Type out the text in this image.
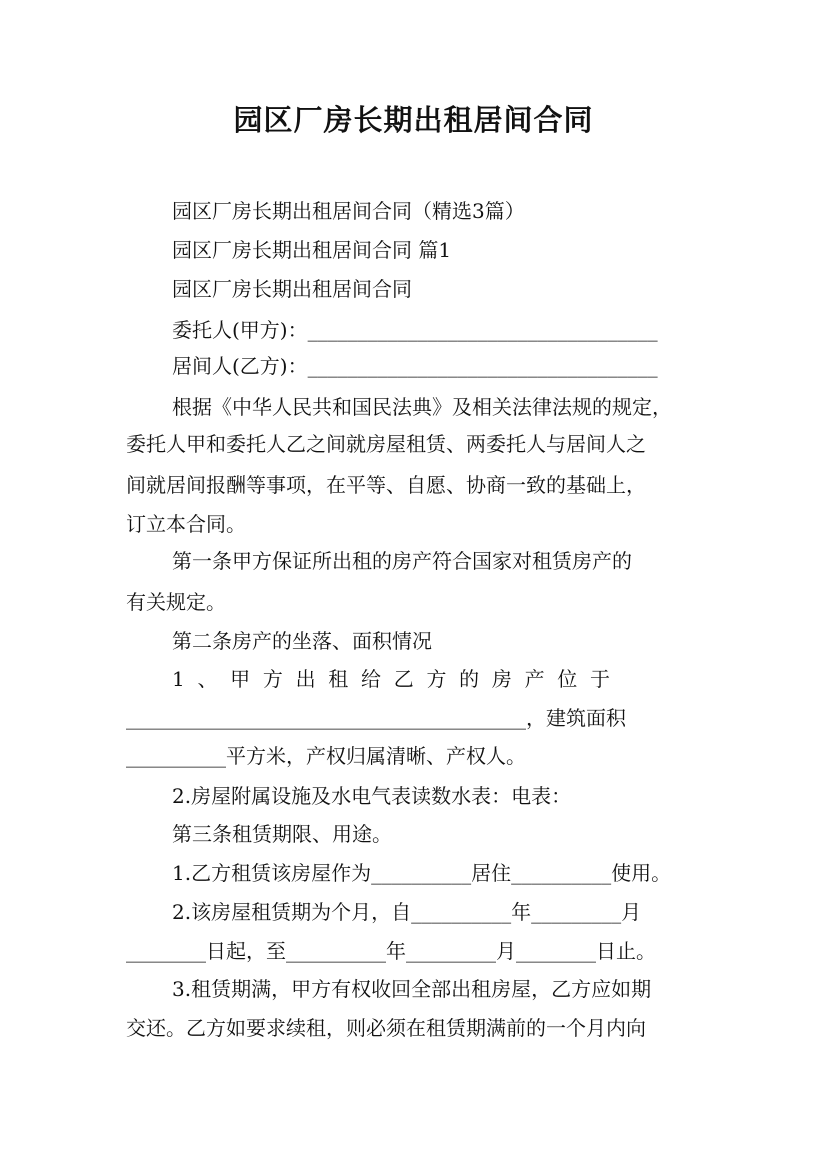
园区厂房长期出租居间合同
园区厂房长期出租居间合同（精选3篇）
园区厂房长期出租居间合同 篇1
园区厂房长期出租居间合同
委托人(甲方)：___________________________________
居间人(乙方)：___________________________________
根据《中华人民共和国民法典》及相关法律法规的规定，
委托人甲和委托人乙之间就房屋租赁、两委托人与居间人之
间就居间报酬等事项，在平等、自愿、协商一致的基础上，
订立本合同。
第一条甲方保证所出租的房产符合国家对租赁房产的
有关规定。
第二条房产的坐落、面积情况
1  、  甲  方  出  租  给  乙  方  的  房  产  位  于
________________________________________，建筑面积
__________平方米，产权归属清晰、产权人。
2.房屋附属设施及水电气表读数水表：电表：
第三条租赁期限、用途。
1.乙方租赁该房屋作为__________居住__________使用。
2.该房屋租赁期为个月，自__________年_________月
________日起，至__________年_________月________日止。
3.租赁期满，甲方有权收回全部出租房屋，乙方应如期
交还。乙方如要求续租，则必须在租赁期满前的一个月内向
